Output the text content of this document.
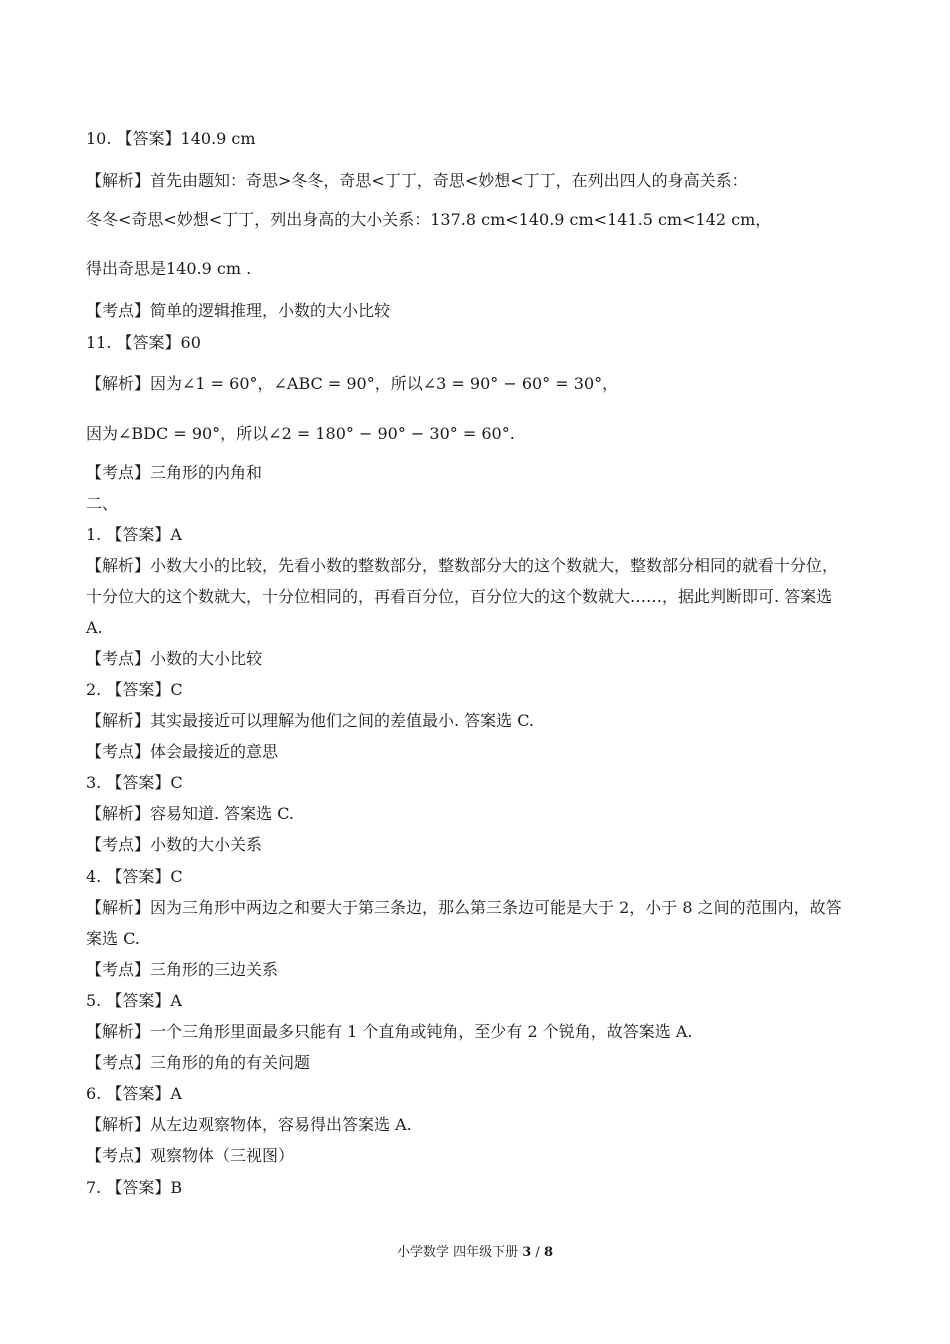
10. 【答案】140.9 cm
【解析】首先由题知：奇思>冬冬，奇思<丁丁，奇思<妙想<丁丁，在列出四人的身高关系：
冬冬<奇思<妙想<丁丁，列出身高的大小关系：137.8 cm<140.9 cm<141.5 cm<142 cm，
得出奇思是140.9 cm .
【考点】简单的逻辑推理，小数的大小比较
11. 【答案】60
【解析】因为∠1 = 60°，∠ABC = 90°，所以∠3 = 90° − 60° = 30°，
因为∠BDC = 90°，所以∠2 = 180° − 90° − 30° = 60°.
【考点】三角形的内角和
二、
1. 【答案】A
【解析】小数大小的比较，先看小数的整数部分，整数部分大的这个数就大，整数部分相同的就看十分位，
十分位大的这个数就大，十分位相同的，再看百分位，百分位大的这个数就大……，据此判断即可. 答案选
A.
【考点】小数的大小比较
2. 【答案】C
【解析】其实最接近可以理解为他们之间的差值最小. 答案选 C.
【考点】体会最接近的意思
3. 【答案】C
【解析】容易知道. 答案选 C.
【考点】小数的大小关系
4. 【答案】C
【解析】因为三角形中两边之和要大于第三条边，那么第三条边可能是大于 2，小于 8 之间的范围内，故答
案选 C.
【考点】三角形的三边关系
5. 【答案】A
【解析】一个三角形里面最多只能有 1 个直角或钝角，至少有 2 个锐角，故答案选 A.
【考点】三角形的角的有关问题
6. 【答案】A
【解析】从左边观察物体，容易得出答案选 A.
【考点】观察物体（三视图）
7. 【答案】B
小学数学 四年级下册 3 / 8
